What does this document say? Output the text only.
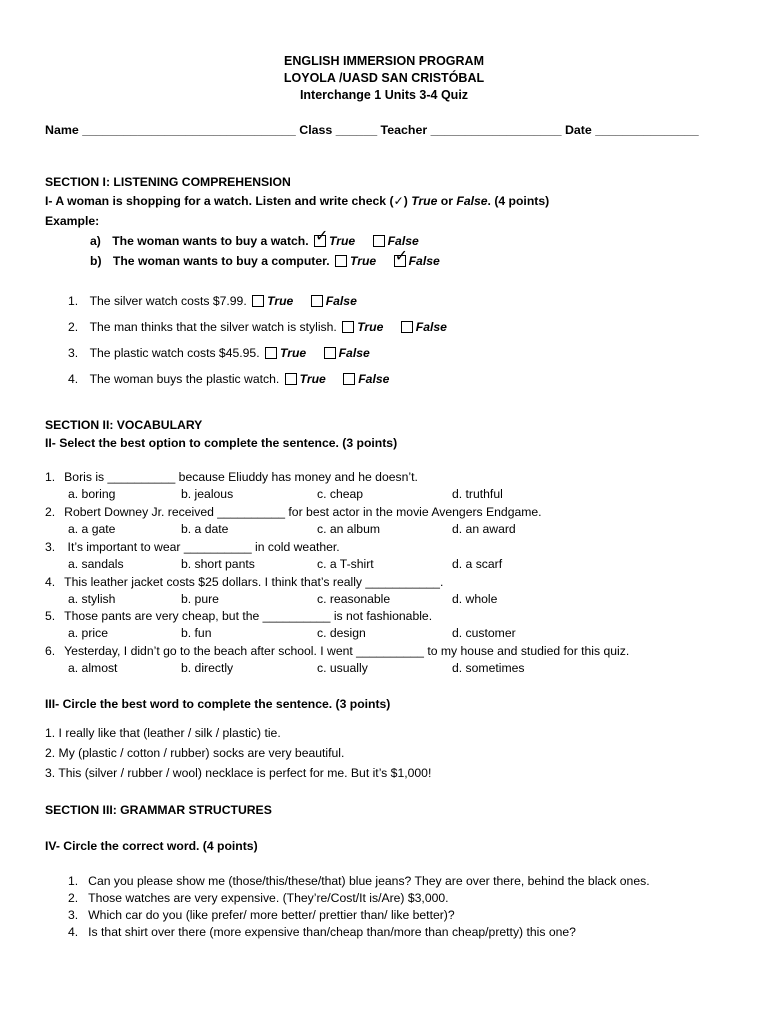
ENGLISH IMMERSION PROGRAM
LOYOLA /UASD SAN CRISTÓBAL
Interchange 1 Units 3-4 Quiz
Name _______________________________ Class ______ Teacher ___________________ Date _______________
SECTION I: LISTENING COMPREHENSION
I- A woman is shopping for a watch. Listen and write check (✓) True or False. (4 points)
Example:
a) The woman wants to buy a watch. ✓ True	False
b) The woman wants to buy a computer. True ✓ False
1. The silver watch costs $7.99. True	False
2. The man thinks that the silver watch is stylish. True	False
3. The plastic watch costs $45.95. True	False
4. The woman buys the plastic watch. True	False
SECTION II: VOCABULARY
II- Select the best option to complete the sentence. (3 points)
1. Boris is __________ because Eliuddy has money and he doesn’t.
a. boring	b. jealous	c. cheap	d. truthful
2. Robert Downey Jr. received __________ for best actor in the movie Avengers Endgame.
a. a gate	b. a date	c. an album	d. an award
3. It’s important to wear __________ in cold weather.
a. sandals	b. short pants	c. a T-shirt	d. a scarf
4. This leather jacket costs $25 dollars. I think that’s really ___________.
a. stylish	b. pure	c. reasonable	d. whole
5. Those pants are very cheap, but the __________ is not fashionable.
a. price	b. fun	c. design	d. customer
6. Yesterday, I didn’t go to the beach after school. I went __________ to my house and studied for this quiz.
a. almost	b. directly	c. usually	d. sometimes
III- Circle the best word to complete the sentence. (3 points)
1. I really like that (leather / silk / plastic) tie.
2. My (plastic / cotton / rubber) socks are very beautiful.
3. This (silver / rubber / wool) necklace is perfect for me. But it’s $1,000!
SECTION III: GRAMMAR STRUCTURES
IV- Circle the correct word. (4 points)
1. Can you please show me (those/this/these/that) blue jeans? They are over there, behind the black ones.
2. Those watches are very expensive. (They’re/Cost/It is/Are) $3,000.
3. Which car do you (like prefer/ more better/ prettier than/ like better)?
4. Is that shirt over there (more expensive than/cheap than/more than cheap/pretty) this one?
